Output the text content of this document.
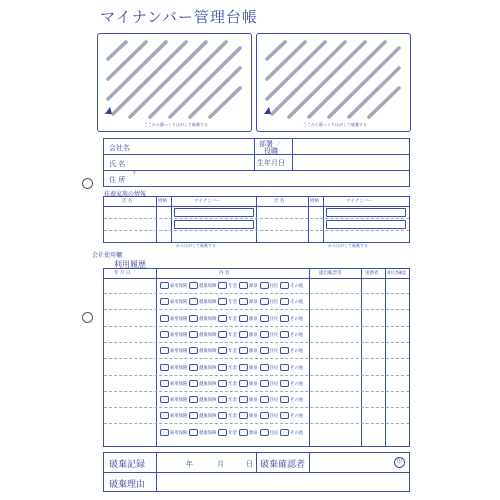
マイナンバー管理台帳
ここから静っくりはがして破棄する	ここから静っくりはがして破棄する
会社名
氏 名
住 所
〒
部署 ／
役職
生年月日
扶養家族の情報
氏 名	続柄	マイナンバー	氏 名	続柄	マイナンバー
からはがして破棄する	からはがして破棄する
会社使用欄
利用履歴
年 月 日	内 容	提出帳票等	実務者 責任者確認
雇用保険	健康保険	年金	源泉	住民	その他
雇用保険	健康保険	年金	源泉	住民	その他
雇用保険	健康保険	年金	源泉	住民	その他
雇用保険	健康保険	年金	源泉	住民	その他
雇用保険	健康保険	年金	源泉	住民	その他
雇用保険	健康保険	年金	源泉	住民	その他
雇用保険	健康保険	年金	源泉	住民	その他
雇用保険	健康保険	年金	源泉	住民	その他
雇用保険	健康保険	年金	源泉	住民	その他
雇用保険	健康保険	年金	源泉	住民	その他
破棄記録	年	月	日 破棄確認者	印
破棄理由
